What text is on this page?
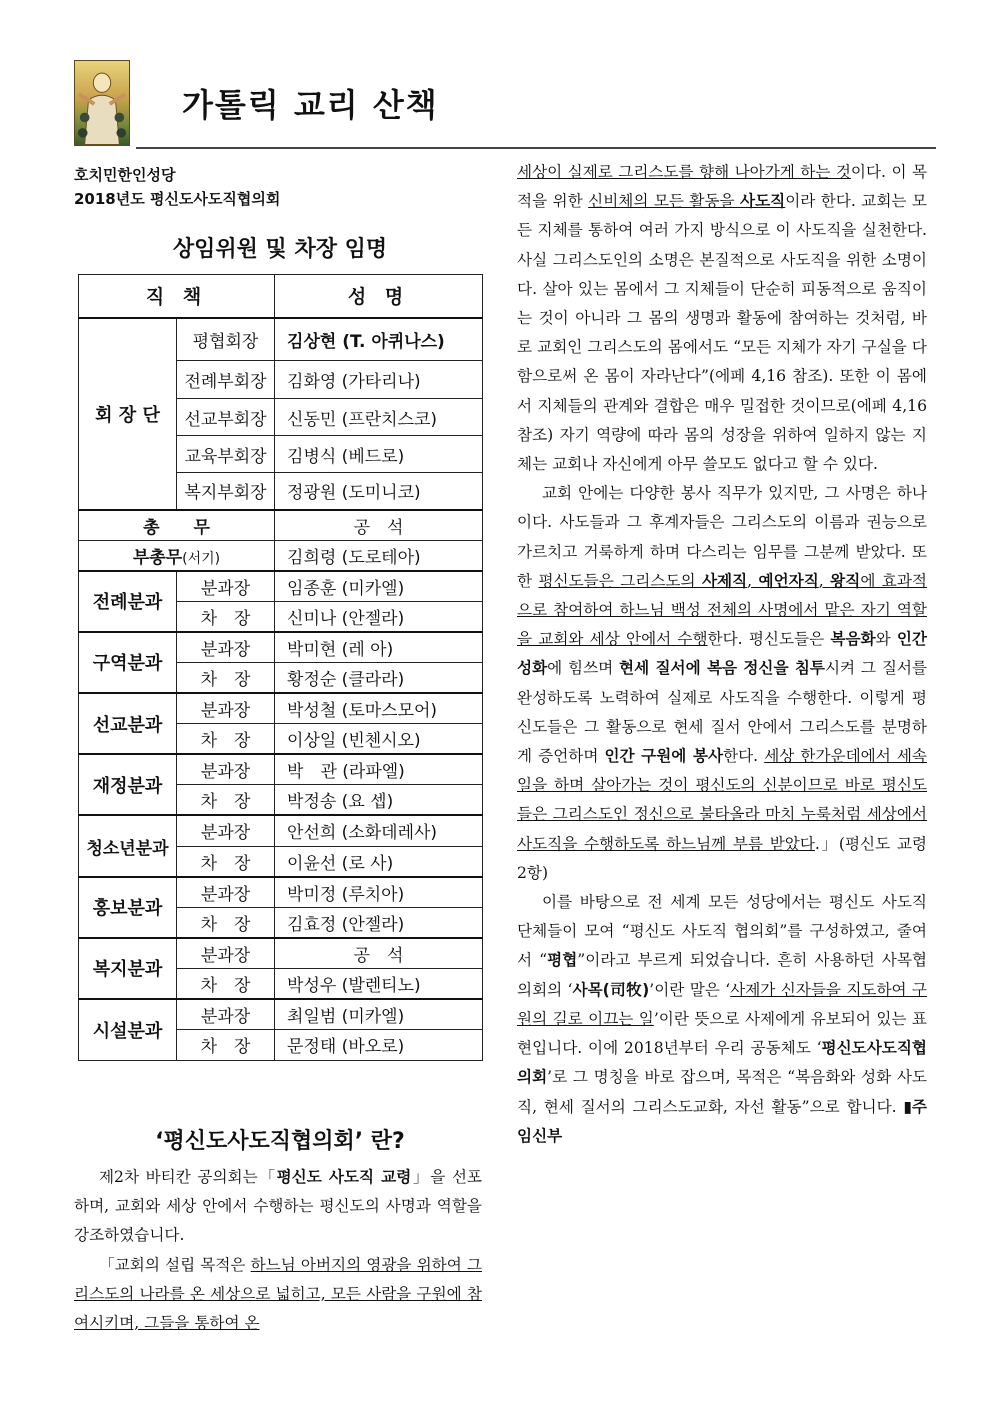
가톨릭 교리 산책
호치민한인성당
2018년도 평신도사도직협의회
상임위원 및 차장 임명
직 책		성 명
회 장 단	평협회장	김상현 (T. 아퀴나스)
	전례부회장	김화영 (가타리나)
	선교부회장	신동민 (프란치스코)
	교육부회장	김병식 (베드로)
	복지부회장	정광원 (도미니코)
총　　무		공　석
부총무(서기)		김희령 (도로테아)
전례분과	분과장	임종훈 (미카엘)
	차　장	신미나 (안젤라)
구역분과	분과장	박미현 (레 아)
	차　장	황정순 (클라라)
선교분과	분과장	박성철 (토마스모어)
	차　장	이상일 (빈첸시오)
재정분과	분과장	박　관 (라파엘)
	차　장	박정송 (요 셉)
청소년분과	분과장	안선희 (소화데레사)
	차　장	이윤선 (로 사)
홍보분과	분과장	박미정 (루치아)
	차　장	김효정 (안젤라)
복지분과	분과장	공　석
	차　장	박성우 (발렌티노)
시설분과	분과장	최일범 (미카엘)
	차　장	문정태 (바오로)
‘평신도사도직협의회’ 란?

제2차 바티칸 공의회는「평신도 사도직 교령」을 선포하며, 교회와 세상 안에서 수행하는 평신도의 사명과 역할을 강조하였습니다.

「교회의 설립 목적은 하느님 아버지의 영광을 위하여 그리스도의 나라를 온 세상으로 넓히고, 모든 사람을 구원에 참여시키며, 그들을 통하여 온

세상이 실제로 그리스도를 향해 나아가게 하는 것이다. 이 목적을 위한 신비체의 모든 활동을 사도직이라 한다. 교회는 모든 지체를 통하여 여러 가지 방식으로 이 사도직을 실천한다. 사실 그리스도인의 소명은 본질적으로 사도직을 위한 소명이다. 살아 있는 몸에서 그 지체들이 단순히 피동적으로 움직이는 것이 아니라 그 몸의 생명과 활동에 참여하는 것처럼, 바로 교회인 그리스도의 몸에서도 “모든 지체가 자기 구실을 다함으로써 온 몸이 자라난다”(에페 4,16 참조). 또한 이 몸에서 지체들의 관계와 결합은 매우 밀접한 것이므로(에페 4,16 참조) 자기 역량에 따라 몸의 성장을 위하여 일하지 않는 지체는 교회나 자신에게 아무 쓸모도 없다고 할 수 있다.

교회 안에는 다양한 봉사 직무가 있지만, 그 사명은 하나이다. 사도들과 그 후계자들은 그리스도의 이름과 권능으로 가르치고 거룩하게 하며 다스리는 임무를 그분께 받았다. 또한 평신도들은 그리스도의 사제직, 예언자직, 왕직에 효과적으로 참여하여 하느님 백성 전체의 사명에서 맡은 자기 역할을 교회와 세상 안에서 수행한다. 평신도들은 복음화와 인간 성화에 힘쓰며 현세 질서에 복음 정신을 침투시켜 그 질서를 완성하도록 노력하여 실제로 사도직을 수행한다. 이렇게 평신도들은 그 활동으로 현세 질서 안에서 그리스도를 분명하게 증언하며 인간 구원에 봉사한다. 세상 한가운데에서 세속 일을 하며 살아가는 것이 평신도의 신분이므로 바로 평신도들은 그리스도인 정신으로 불타올라 마치 누룩처럼 세상에서 사도직을 수행하도록 하느님께 부름 받았다.」(평신도 교령 2항)

이를 바탕으로 전 세계 모든 성당에서는 평신도 사도직 단체들이 모여 “평신도 사도직 협의회”를 구성하였고, 줄여서 “평협”이라고 부르게 되었습니다. 흔히 사용하던 사목협의회의 ‘사목(司牧)’이란 말은 ‘사제가 신자들을 지도하여 구원의 길로 이끄는 일’이란 뜻으로 사제에게 유보되어 있는 표현입니다. 이에 2018년부터 우리 공동체도 ‘평신도사도직협의회’로 그 명칭을 바로 잡으며, 목적은 “복음화와 성화 사도직, 현세 질서의 그리스도교화, 자선 활동”으로 합니다. ▮주임신부
